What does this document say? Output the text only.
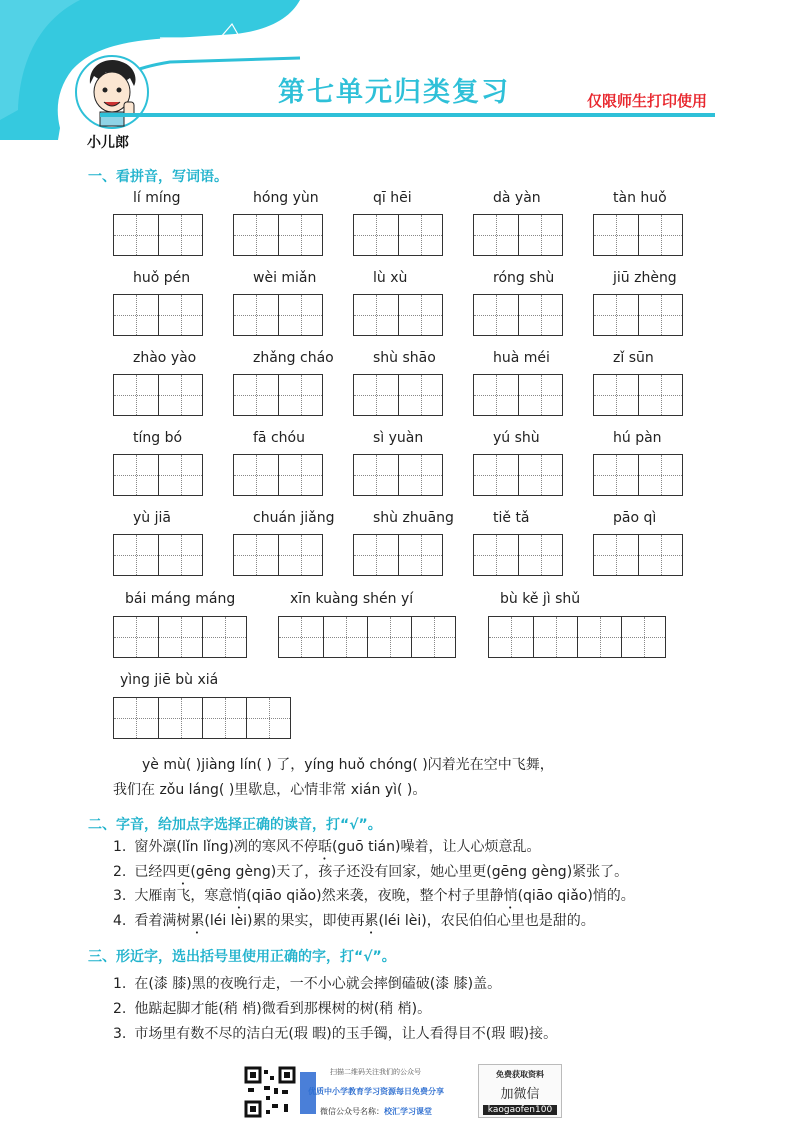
第七单元归类复习	仅限师生打印使用
小儿郎
一、看拼音，写词语。
lí míng	hóng yùn	qī hēi	dà yàn	tàn huǒ
huǒ pén	wèi miǎn	lù xù	róng shù	jiū zhèng
zhào yào	zhǎng cháo	shù shāo	huà méi	zǐ sūn
tíng bó	fā chóu	sì yuàn	yú shù	hú pàn
yù jiā	chuán jiǎng	shù zhuāng	tiě tǎ	pāo qì
bái máng máng	xīn kuàng shén yí	bù kě jì shǔ
yìng jiē bù xiá
yè mù( )jiàng lín( ) 了，yíng huǒ chóng( )闪着光在空中飞舞，
我们在 zǒu láng( )里歇息，心情非常 xián yì( )。
二、字音，给加点字选择正确的读音，打“√”。
1. 窗外凛(lǐn lǐng)冽的寒风不停聒(guō tián)噪着，让人心烦意乱。
2. 已经四更(gēng gèng)天了，孩子还没有回家，她心里更(gēng gèng)紧张了。
3. 大雁南飞，寒意悄(qiāo qiǎo)然来袭，夜晚，整个村子里静悄(qiāo qiǎo)悄的。
4. 看着满树累(léi lèi)累的果实，即使再累(léi lèi)，农民伯伯心里也是甜的。
三、形近字，选出括号里使用正确的字，打“√”。
1. 在(漆 膝)黑的夜晚行走，一不小心就会摔倒磕破(漆 膝)盖。
2. 他踮起脚才能(稍 梢)微看到那棵树的树(稍 梢)。
3. 市场里有数不尽的洁白无(瑕 暇)的玉手镯，让人看得目不(瑕 暇)接。
扫描二维码关注我们的公众号
优质中小学教育学习资源每日免费分享
微信公众号名称：校汇学习课堂
免费获取资料
加微信
kaogaofen100
